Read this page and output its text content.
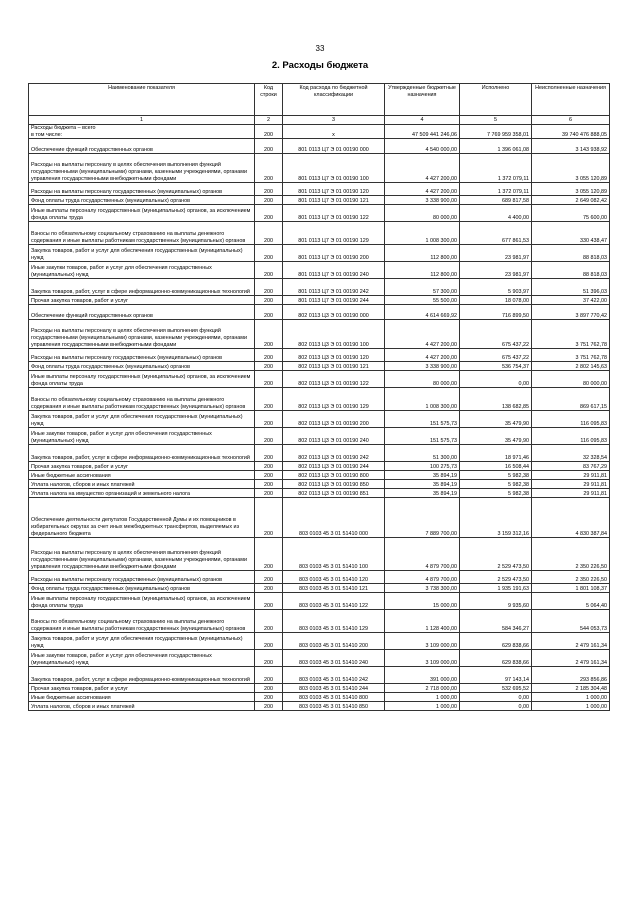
33
2. Расходы бюджета
Наименование показателя	Код строки	Код расхода по бюджетной классификации	Утвержденные бюджетные назначения	Исполнено	Неисполненные назначения
1	2	3	4	5	6
Расходы бюджета – всего
в том числе:	200	x	47 509 441 246,06	7 769 959 358,01	39 740 476 888,05
Обеспечение функций государственных органов	200	801 0113 Ц7 Э 01 00190 000	4 540 000,00	1 396 061,08	3 143 938,92
Расходы на выплаты персоналу в целях обеспечения выполнения функций государственными (муниципальными) органами, казенными учреждениями, органами управления государственными внебюджетными фондами	200	801 0113 Ц7 Э 01 00190 100	4 427 200,00	1 372 079,11	3 055 120,89
Расходы на выплаты персоналу государственных (муниципальных) органов	200	801 0113 Ц7 Э 01 00190 120	4 427 200,00	1 372 079,11	3 055 120,89
Фонд оплаты труда государственных (муниципальных) органов	200	801 0113 Ц7 Э 01 00190 121	3 338 900,00	689 817,58	2 649 082,42
Иные выплаты персоналу государственных (муниципальных) органов, за исключением фонда оплаты труда	200	801 0113 Ц7 Э 01 00190 122	80 000,00	4 400,00	75 600,00
Взносы по обязательному социальному страхованию на выплаты денежного содержания и иные выплаты работникам государственных (муниципальных) органов	200	801 0113 Ц7 Э 01 00190 129	1 008 300,00	677 861,53	330 438,47
Закупка товаров, работ и услуг для обеспечения государственных (муниципальных) нужд	200	801 0113 Ц7 Э 01 00190 200	112 800,00	23 981,97	88 818,03
Иные закупки товаров, работ и услуг для обеспечения государственных (муниципальных) нужд	200	801 0113 Ц7 Э 01 00190 240	112 800,00	23 981,97	88 818,03
Закупка товаров, работ, услуг в сфере информационно-коммуникационных технологий	200	801 0113 Ц7 Э 01 00190 242	57 300,00	5 903,97	51 396,03
Прочая закупка товаров, работ и услуг	200	801 0113 Ц7 Э 01 00190 244	55 500,00	18 078,00	37 422,00
Обеспечение функций государственных органов	200	802 0113 Ц3 Э 01 00190 000	4 614 669,92	716 899,50	3 897 770,42
Расходы на выплаты персоналу в целях обеспечения выполнения функций государственными (муниципальными) органами, казенными учреждениями, органами управления государственными внебюджетными фондами	200	802 0113 Ц3 Э 01 00190 100	4 427 200,00	675 437,22	3 751 762,78
Расходы на выплаты персоналу государственных (муниципальных) органов	200	802 0113 Ц3 Э 01 00190 120	4 427 200,00	675 437,22	3 751 762,78
Фонд оплаты труда государственных (муниципальных) органов	200	802 0113 Ц3 Э 01 00190 121	3 338 900,00	536 754,37	2 802 145,63
Иные выплаты персоналу государственных (муниципальных) органов, за исключением фонда оплаты труда	200	802 0113 Ц3 Э 01 00190 122	80 000,00	0,00	80 000,00
Взносы по обязательному социальному страхованию на выплаты денежного содержания и иные выплаты работникам государственных (муниципальных) органов	200	802 0113 Ц3 Э 01 00190 129	1 008 300,00	138 682,85	869 617,15
Закупка товаров, работ и услуг для обеспечения государственных (муниципальных) нужд	200	802 0113 Ц3 Э 01 00190 200	151 575,73	35 479,90	116 095,83
Иные закупки товаров, работ и услуг для обеспечения государственных (муниципальных) нужд	200	802 0113 Ц3 Э 01 00190 240	151 575,73	35 479,90	116 095,83
Закупка товаров, работ, услуг в сфере информационно-коммуникационных технологий	200	802 0113 Ц3 Э 01 00190 242	51 300,00	18 971,46	32 328,54
Прочая закупка товаров, работ и услуг	200	802 0113 Ц3 Э 01 00190 244	100 275,73	16 508,44	83 767,29
Иные бюджетные ассигнования	200	802 0113 Ц3 Э 01 00190 800	35 894,19	5 982,38	29 911,81
Уплата налогов, сборов и иных платежей	200	802 0113 Ц3 Э 01 00190 850	35 894,19	5 982,38	29 911,81
Уплата налога на имущество организаций и земельного налога	200	802 0113 Ц3 Э 01 00190 851	35 894,19	5 982,38	29 911,81
Обеспечение деятельности депутатов Государственной Думы и их помощников в избирательных округах за счет иных межбюджетных трансфертов, выделяемых из федерального бюджета	200	803 0103 45 3 01 51410 000	7 889 700,00	3 159 312,16	4 830 387,84
Расходы на выплаты персоналу в целях обеспечения выполнения функций государственными (муниципальными) органами, казенными учреждениями, органами управления государственными внебюджетными фондами	200	803 0103 45 3 01 51410 100	4 879 700,00	2 529 473,50	2 350 226,50
Расходы на выплаты персоналу государственных (муниципальных) органов	200	803 0103 45 3 01 51410 120	4 879 700,00	2 529 473,50	2 350 226,50
Фонд оплаты труда государственных (муниципальных) органов	200	803 0103 45 3 01 51410 121	3 738 300,00	1 935 191,63	1 801 108,37
Иные выплаты персоналу государственных (муниципальных) органов, за исключением фонда оплаты труда	200	803 0103 45 3 01 51410 122	15 000,00	9 935,60	5 064,40
Взносы по обязательному социальному страхованию на выплаты денежного содержания и иные выплаты работникам государственных (муниципальных) органов	200	803 0103 45 3 01 51410 129	1 128 400,00	584 346,27	544 053,73
Закупка товаров, работ и услуг для обеспечения государственных (муниципальных) нужд	200	803 0103 45 3 01 51410 200	3 109 000,00	629 838,66	2 479 161,34
Иные закупки товаров, работ и услуг для обеспечения государственных (муниципальных) нужд	200	803 0103 45 3 01 51410 240	3 109 000,00	629 838,66	2 479 161,34
Закупка товаров, работ, услуг в сфере информационно-коммуникационных технологий	200	803 0103 45 3 01 51410 242	391 000,00	97 143,14	293 856,86
Прочая закупка товаров, работ и услуг	200	803 0103 45 3 01 51410 244	2 718 000,00	532 695,52	2 185 304,48
Иные бюджетные ассигнования	200	803 0103 45 3 01 51410 800	1 000,00	0,00	1 000,00
Уплата налогов, сборов и иных платежей	200	803 0103 45 3 01 51410 850	1 000,00	0,00	1 000,00
